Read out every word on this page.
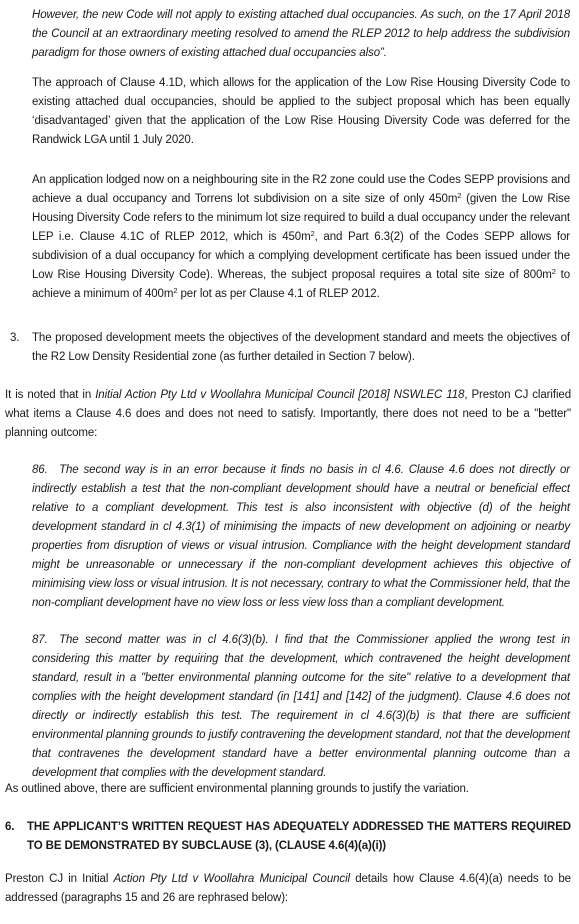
However, the new Code will not apply to existing attached dual occupancies. As such, on the 17 April 2018 the Council at an extraordinary meeting resolved to amend the RLEP 2012 to help address the subdivision paradigm for those owners of existing attached dual occupancies also”.

The approach of Clause 4.1D, which allows for the application of the Low Rise Housing Diversity Code to existing attached dual occupancies, should be applied to the subject proposal which has been equally ‘disadvantaged’ given that the application of the Low Rise Housing Diversity Code was deferred for the Randwick LGA until 1 July 2020.

An application lodged now on a neighbouring site in the R2 zone could use the Codes SEPP provisions and achieve a dual occupancy and Torrens lot subdivision on a site size of only $450m^2$ (given the Low Rise Housing Diversity Code refers to the minimum lot size required to build a dual occupancy under the relevant LEP i.e. Clause 4.1C of RLEP 2012, which is $450m^2$, and Part 6.3(2) of the Codes SEPP allows for subdivision of a dual occupancy for which a complying development certificate has been issued under the Low Rise Housing Diversity Code). Whereas, the subject proposal requires a total site size of $800m^2$ to achieve a minimum of $400m^2$ per lot as per Clause 4.1 of RLEP 2012.

3. The proposed development meets the objectives of the development standard and meets the objectives of the R2 Low Density Residential zone (as further detailed in Section 7 below).

It is noted that in Initial Action Pty Ltd v Woollahra Municipal Council [2018] NSWLEC 118, Preston CJ clarified what items a Clause 4.6 does and does not need to satisfy. Importantly, there does not need to be a "better" planning outcome:

86. The second way is in an error because it finds no basis in cl 4.6. Clause 4.6 does not directly or indirectly establish a test that the non-compliant development should have a neutral or beneficial effect relative to a compliant development. This test is also inconsistent with objective (d) of the height development standard in cl 4.3(1) of minimising the impacts of new development on adjoining or nearby properties from disruption of views or visual intrusion. Compliance with the height development standard might be unreasonable or unnecessary if the non-compliant development achieves this objective of minimising view loss or visual intrusion. It is not necessary, contrary to what the Commissioner held, that the non-compliant development have no view loss or less view loss than a compliant development.

87. The second matter was in cl 4.6(3)(b). I find that the Commissioner applied the wrong test in considering this matter by requiring that the development, which contravened the height development standard, result in a "better environmental planning outcome for the site" relative to a development that complies with the height development standard (in [141] and [142] of the judgment). Clause 4.6 does not directly or indirectly establish this test. The requirement in cl 4.6(3)(b) is that there are sufficient environmental planning grounds to justify contravening the development standard, not that the development that contravenes the development standard have a better environmental planning outcome than a development that complies with the development standard.

As outlined above, there are sufficient environmental planning grounds to justify the variation.

6. THE APPLICANT’S WRITTEN REQUEST HAS ADEQUATELY ADDRESSED THE MATTERS REQUIRED TO BE DEMONSTRATED BY SUBCLAUSE (3), (CLAUSE 4.6(4)(a)(i))

Preston CJ in Initial Action Pty Ltd v Woollahra Municipal Council details how Clause 4.6(4)(a) needs to be addressed (paragraphs 15 and 26 are rephrased below):
